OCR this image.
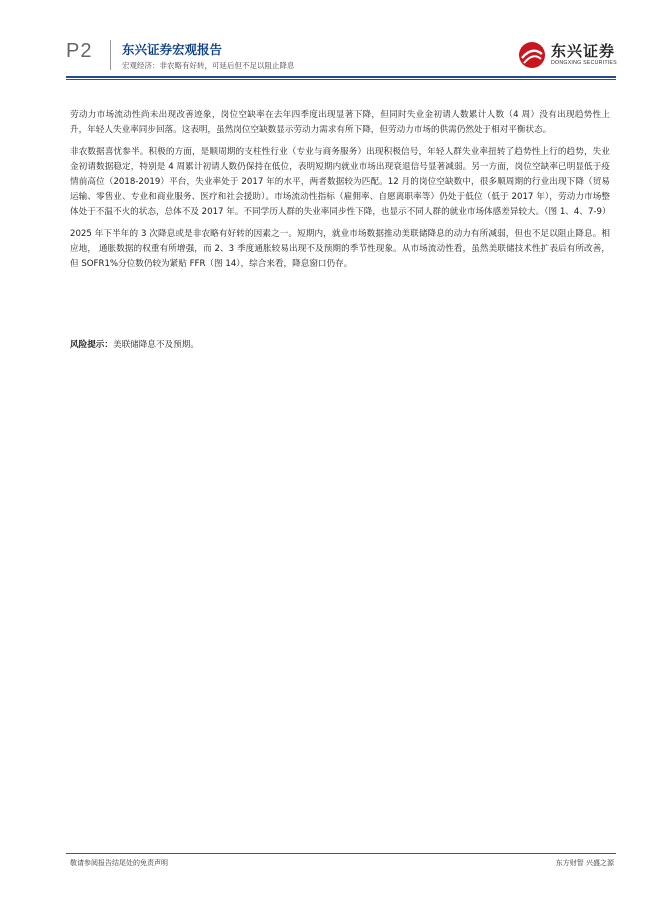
P2 东兴证券宏观报告
宏观经济：非农略有好转，可延后但不足以阻止降息
东兴证券
DONGXING SECURITIES

劳动力市场流动性尚未出现改善迹象，岗位空缺率在去年四季度出现显著下降，但同时失业金初请人数累计人数（4 周）没有出现趋势性上升，年轻人失业率同步回落。这表明，虽然岗位空缺数显示劳动力需求有所下降，但劳动力市场的供需仍然处于相对平衡状态。

非农数据喜忧参半。积极的方面，是顺周期的支柱性行业（专业与商务服务）出现积极信号，年轻人群失业率扭转了趋势性上行的趋势，失业金初请数据稳定，特别是 4 周累计初请人数仍保持在低位，表明短期内就业市场出现衰退信号显著减弱。另一方面，岗位空缺率已明显低于疫情前高位（2018-2019）平台，失业率处于 2017 年的水平，两者数据较为匹配。12 月的岗位空缺数中，很多顺周期的行业出现下降（贸易运输、零售业、专业和商业服务、医疗和社会援助）。市场流动性指标（雇佣率、自愿离职率等）仍处于低位（低于 2017 年），劳动力市场整体处于不温不火的状态，总体不及 2017 年。不同学历人群的失业率同步性下降，也显示不同人群的就业市场体感差异较大。（图 1、4、7-9）

2025 年下半年的 3 次降息或是非农略有好转的因素之一。短期内，就业市场数据推动美联储降息的动力有所减弱，但也不足以阻止降息。相应地， 通胀数据的权重有所增强，而 2、3 季度通胀较易出现不及预期的季节性现象。从市场流动性看，虽然美联储技术性扩表后有所改善，但 SOFR1%分位数仍较为紧贴 FFR（图 14），综合来看，降息窗口仍存。

风险提示：美联储降息不及预期。
敬请参阅报告结尾处的免责声明	东方财智 兴盛之源
